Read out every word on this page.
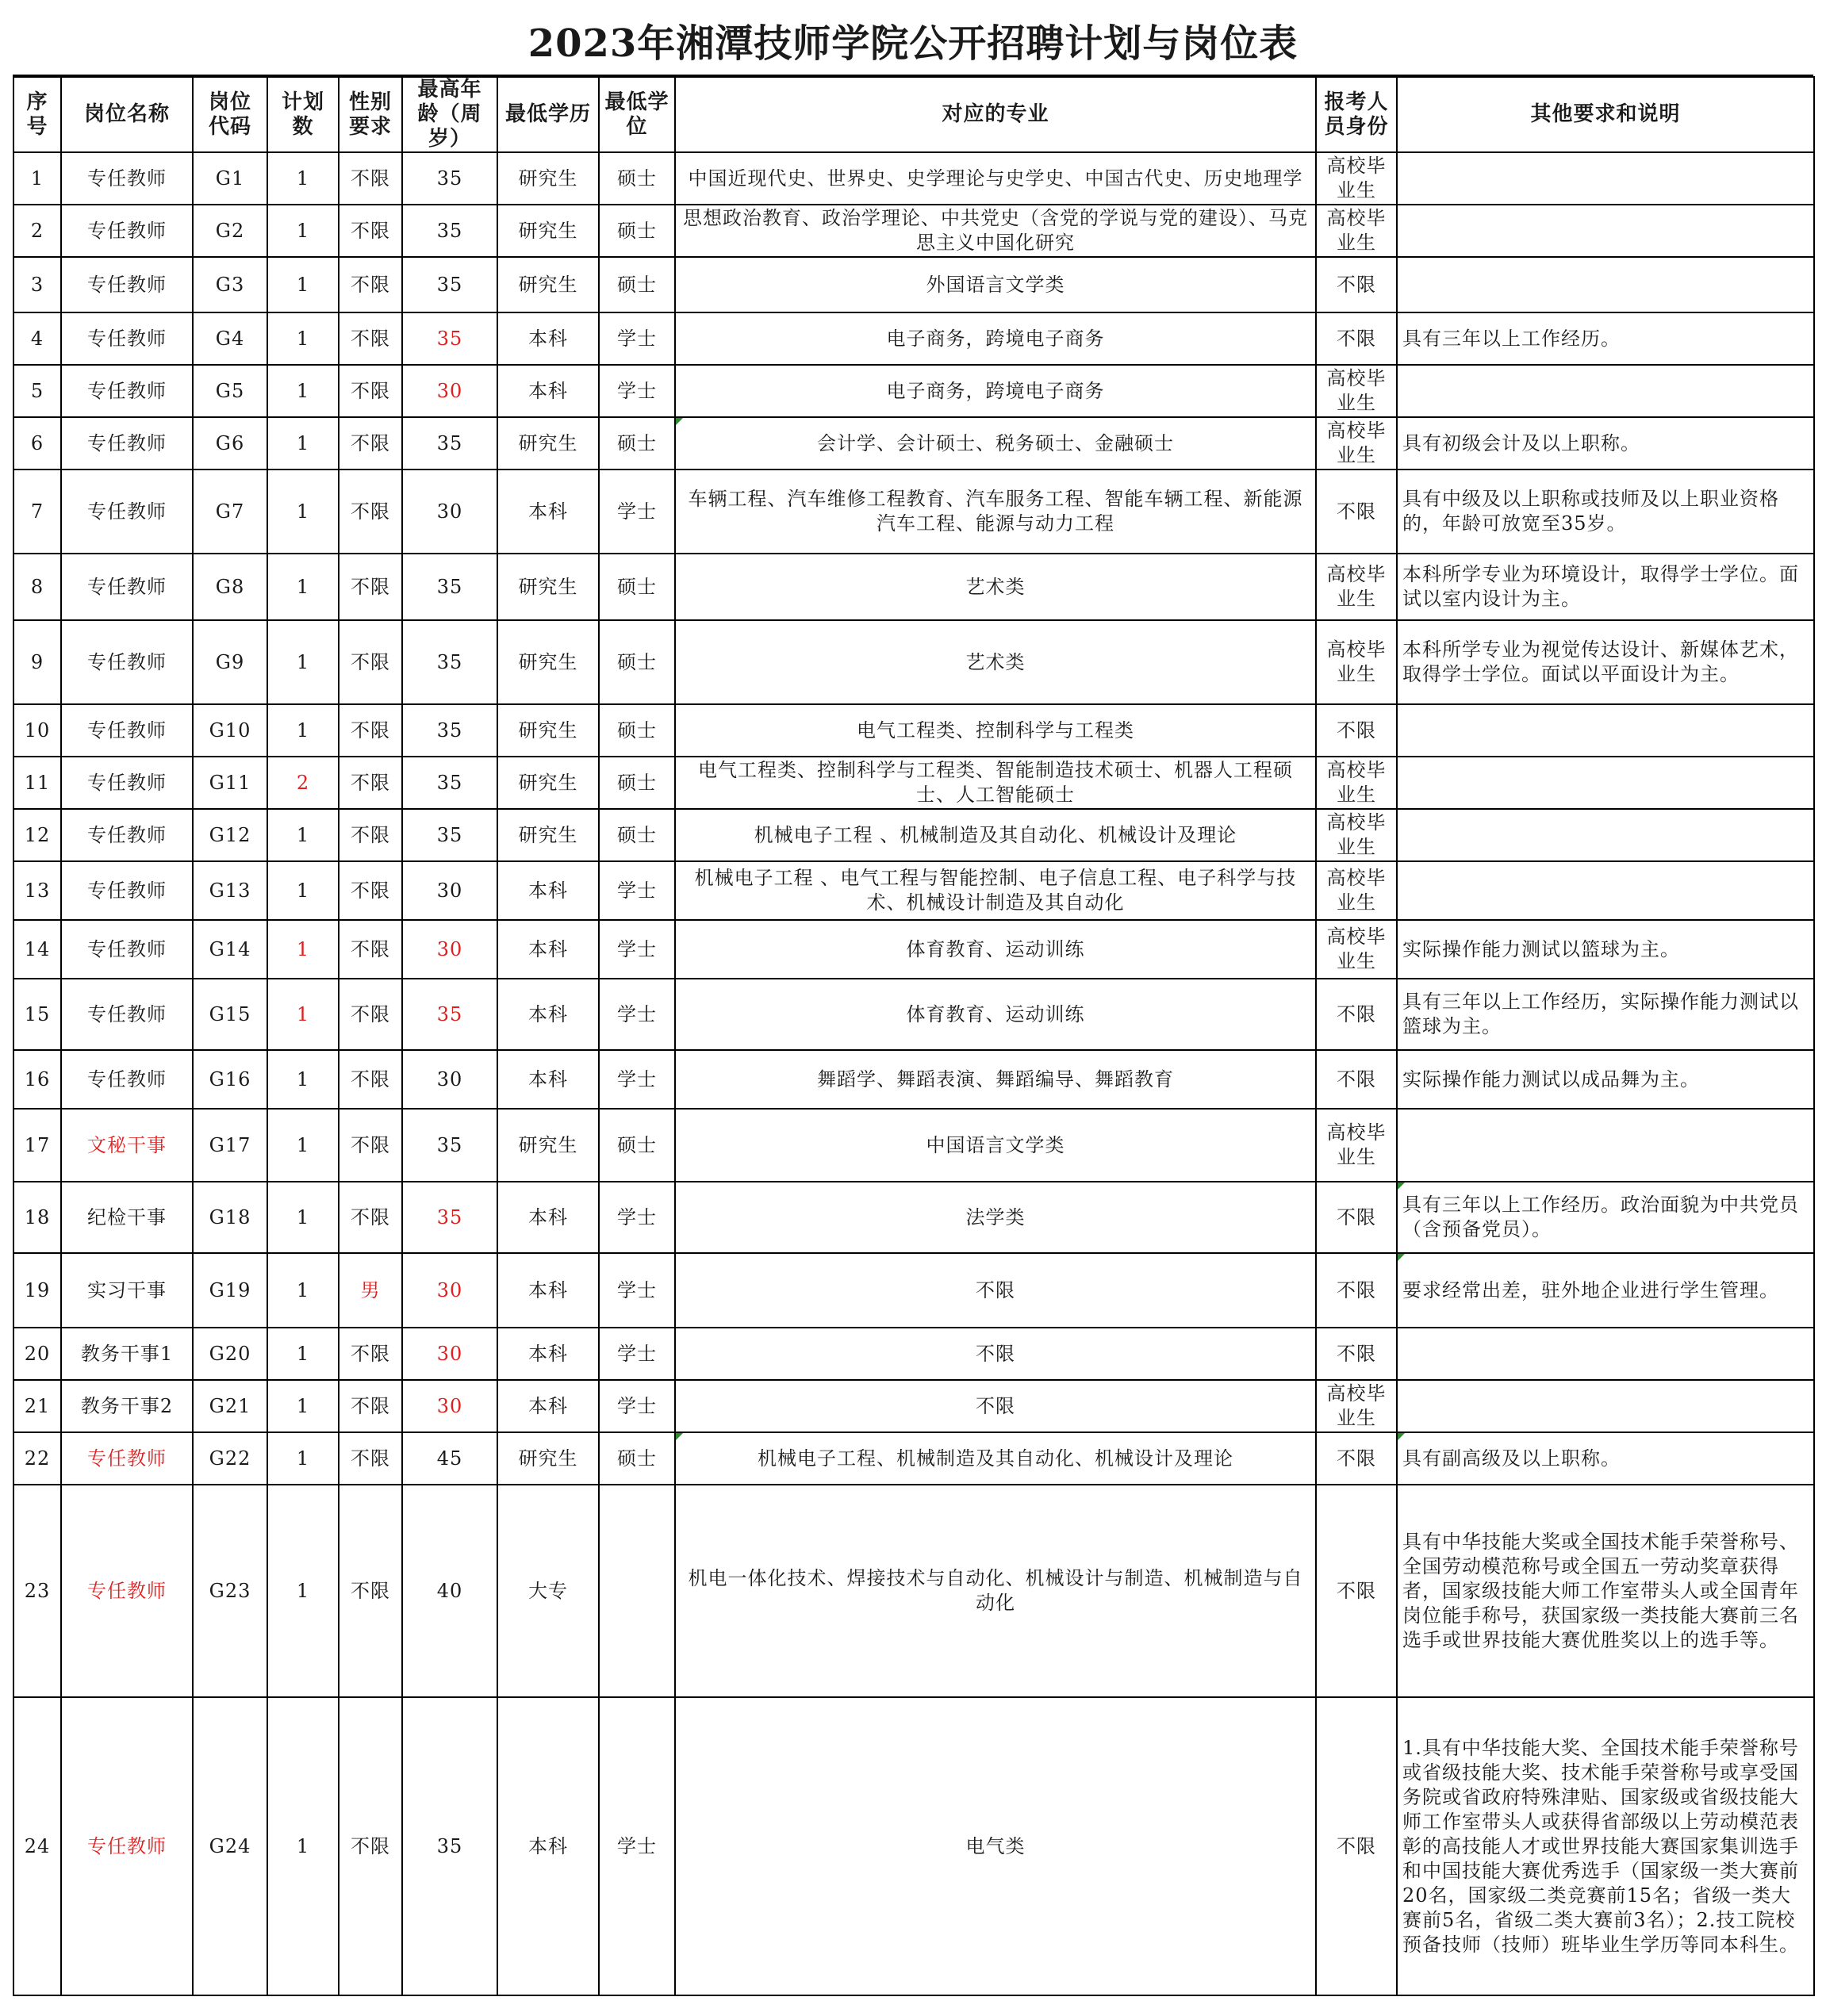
2023年湘潭技师学院公开招聘计划与岗位表
序号	岗位名称	岗位代码	计划数	性别要求	最高年龄（周岁）	最低学历	最低学位	对应的专业	报考人员身份	其他要求和说明
1	专任教师	G1	1	不限	35	研究生	硕士	中国近现代史、世界史、史学理论与史学史、中国古代史、历史地理学	高校毕业生	
2	专任教师	G2	1	不限	35	研究生	硕士	思想政治教育、政治学理论、中共党史（含党的学说与党的建设）、马克思主义中国化研究	高校毕业生	
3	专任教师	G3	1	不限	35	研究生	硕士	外国语言文学类	不限	
4	专任教师	G4	1	不限	35	本科	学士	电子商务，跨境电子商务	不限	具有三年以上工作经历。
5	专任教师	G5	1	不限	30	本科	学士	电子商务，跨境电子商务	高校毕业生	
6	专任教师	G6	1	不限	35	研究生	硕士	会计学、会计硕士、税务硕士、金融硕士	高校毕业生	具有初级会计及以上职称。
7	专任教师	G7	1	不限	30	本科	学士	车辆工程、汽车维修工程教育、汽车服务工程、智能车辆工程、新能源汽车工程、能源与动力工程	不限	具有中级及以上职称或技师及以上职业资格的，年龄可放宽至35岁。
8	专任教师	G8	1	不限	35	研究生	硕士	艺术类	高校毕业生	本科所学专业为环境设计，取得学士学位。面试以室内设计为主。
9	专任教师	G9	1	不限	35	研究生	硕士	艺术类	高校毕业生	本科所学专业为视觉传达设计、新媒体艺术，取得学士学位。面试以平面设计为主。
10	专任教师	G10	1	不限	35	研究生	硕士	电气工程类、控制科学与工程类	不限	
11	专任教师	G11	2	不限	35	研究生	硕士	电气工程类、控制科学与工程类、智能制造技术硕士、机器人工程硕士、人工智能硕士	高校毕业生	
12	专任教师	G12	1	不限	35	研究生	硕士	机械电子工程 、机械制造及其自动化、机械设计及理论	高校毕业生	
13	专任教师	G13	1	不限	30	本科	学士	机械电子工程 、电气工程与智能控制、电子信息工程、电子科学与技术、机械设计制造及其自动化	高校毕业生	
14	专任教师	G14	1	不限	30	本科	学士	体育教育、运动训练	高校毕业生	实际操作能力测试以篮球为主。
15	专任教师	G15	1	不限	35	本科	学士	体育教育、运动训练	不限	具有三年以上工作经历，实际操作能力测试以篮球为主。
16	专任教师	G16	1	不限	30	本科	学士	舞蹈学、舞蹈表演、舞蹈编导、舞蹈教育	不限	实际操作能力测试以成品舞为主。
17	文秘干事	G17	1	不限	35	研究生	硕士	中国语言文学类	高校毕业生	
18	纪检干事	G18	1	不限	35	本科	学士	法学类	不限	具有三年以上工作经历。政治面貌为中共党员（含预备党员）。
19	实习干事	G19	1	男	30	本科	学士	不限	不限	要求经常出差，驻外地企业进行学生管理。
20	教务干事1	G20	1	不限	30	本科	学士	不限	不限	
21	教务干事2	G21	1	不限	30	本科	学士	不限	高校毕业生	
22	专任教师	G22	1	不限	45	研究生	硕士	机械电子工程、机械制造及其自动化、机械设计及理论	不限	具有副高级及以上职称。
23	专任教师	G23	1	不限	40	大专		机电一体化技术、焊接技术与自动化、机械设计与制造、机械制造与自动化	不限	具有中华技能大奖或全国技术能手荣誉称号、全国劳动模范称号或全国五一劳动奖章获得者，国家级技能大师工作室带头人或全国青年岗位能手称号，获国家级一类技能大赛前三名选手或世界技能大赛优胜奖以上的选手等。
24	专任教师	G24	1	不限	35	本科	学士	电气类	不限	1.具有中华技能大奖、全国技术能手荣誉称号或省级技能大奖、技术能手荣誉称号或享受国务院或省政府特殊津贴、国家级或省级技能大师工作室带头人或获得省部级以上劳动模范表彰的高技能人才或世界技能大赛国家集训选手和中国技能大赛优秀选手（国家级一类大赛前20名，国家级二类竞赛前15名；省级一类大赛前5名，省级二类大赛前3名）；2.技工院校预备技师（技师）班毕业生学历等同本科生。
